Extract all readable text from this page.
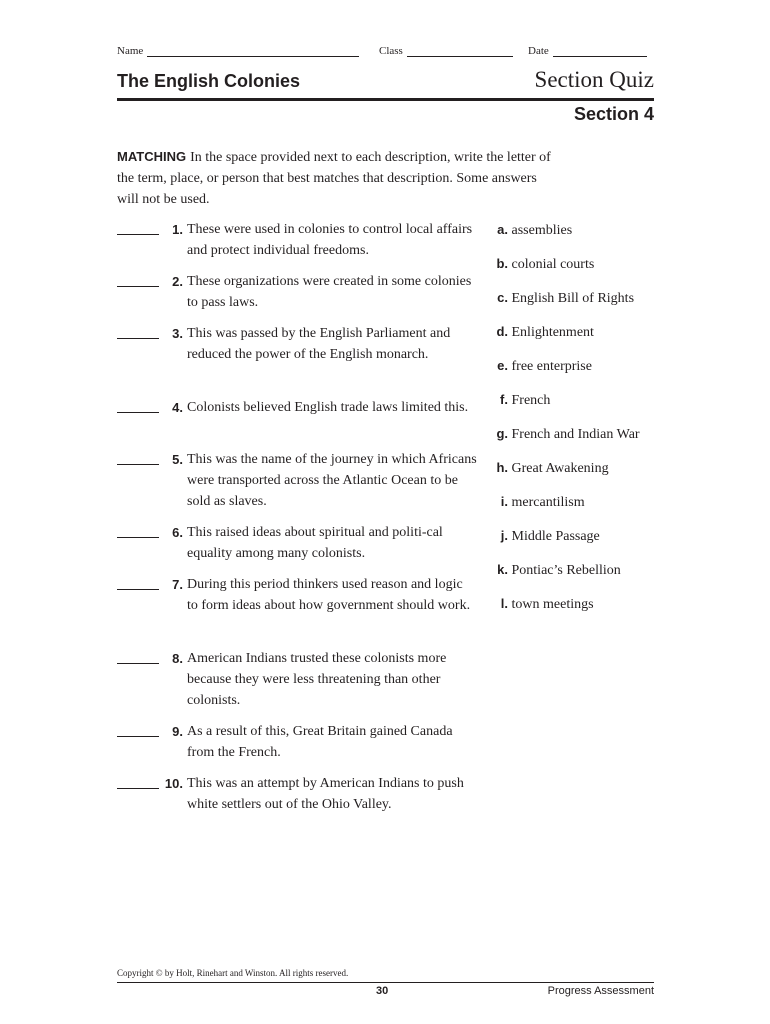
Name	Class	Date
The English Colonies	Section Quiz
Section 4
MATCHING In the space provided next to each description, write the letter of the term, place, or person that best matches that description. Some answers will not be used.
1. These were used in colonies to control local affairs and protect individual freedoms.
2. These organizations were created in some colonies to pass laws.
3. This was passed by the English Parliament and reduced the power of the English monarch.
4. Colonists believed English trade laws limited this.
5. This was the name of the journey in which Africans were transported across the Atlantic Ocean to be sold as slaves.
6. This raised ideas about spiritual and politi-cal equality among many colonists.
7. During this period thinkers used reason and logic to form ideas about how government should work.
8. American Indians trusted these colonists more because they were less threatening than other colonists.
9. As a result of this, Great Britain gained Canada from the French.
10. This was an attempt by American Indians to push white settlers out of the Ohio Valley.
a. assemblies
b. colonial courts
c. English Bill of Rights
d. Enlightenment
e. free enterprise
f. French
g. French and Indian War
h. Great Awakening
i. mercantilism
j. Middle Passage
k. Pontiac’s Rebellion
l. town meetings
Copyright © by Holt, Rinehart and Winston. All rights reserved.
30	Progress Assessment
